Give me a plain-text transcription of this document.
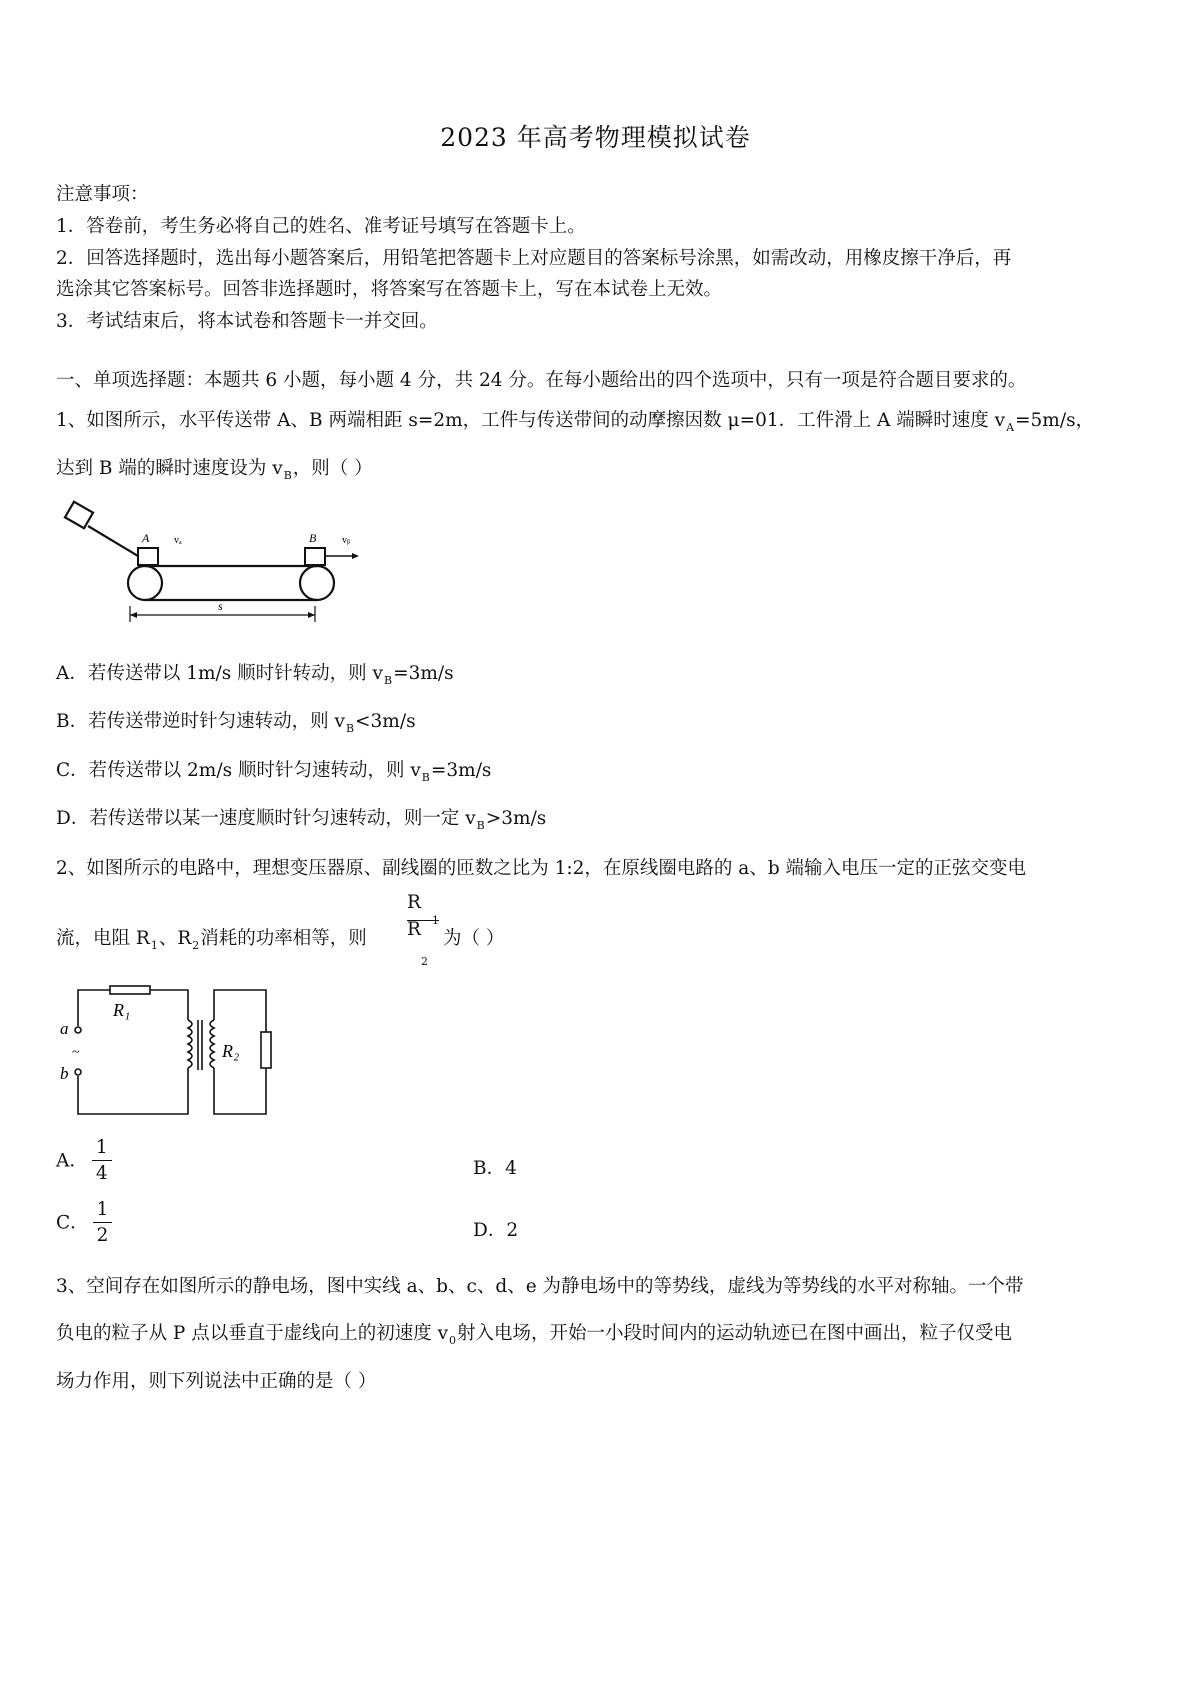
2023 年高考物理模拟试卷
注意事项：
1．答卷前，考生务必将自己的姓名、准考证号填写在答题卡上。
2．回答选择题时，选出每小题答案后，用铅笔把答题卡上对应题目的答案标号涂黑，如需改动，用橡皮擦干净后，再
选涂其它答案标号。回答非选择题时，将答案写在答题卡上，写在本试卷上无效。
3．考试结束后，将本试卷和答题卡一并交回。
一、单项选择题：本题共 6 小题，每小题 4 分，共 24 分。在每小题给出的四个选项中，只有一项是符合题目要求的。
1、如图所示，水平传送带 A、B 两端相距 s=2m，工件与传送带间的动摩擦因数 μ=01．工件滑上 A 端瞬时速度 $v_A=5m/s$，
达到 B 端的瞬时速度设为 $v_B$，则（ ）
A vₐ	B	vᵦ
s
A．若传送带以 1m/s 顺时针转动，则 $v_B=3m/s$
B．若传送带逆时针匀速转动，则 $v_B<3m/s$
C．若传送带以 2m/s 顺时针匀速转动，则 $v_B=3m/s$
D．若传送带以某一速度顺时针匀速转动，则一定 $v_B>3m/s$
2、如图所示的电路中，理想变压器原、副线圈的匝数之比为 1:2，在原线圈电路的 a、b 端输入电压一定的正弦交变电
流，电阻 $R_1$、$R_2$消耗的功率相等，则
R
1
R
2
为（ ）
R₁
R₂
a
b
~
A． $\frac{1}{4}$	B．4
C． $\frac{1}{2}$	D．2
3、空间存在如图所示的静电场，图中实线 a、b、c、d、e 为静电场中的等势线，虚线为等势线的水平对称轴。一个带
负电的粒子从 P 点以垂直于虚线向上的初速度 $v_0$射入电场，开始一小段时间内的运动轨迹已在图中画出，粒子仅受电
场力作用，则下列说法中正确的是（ ）
